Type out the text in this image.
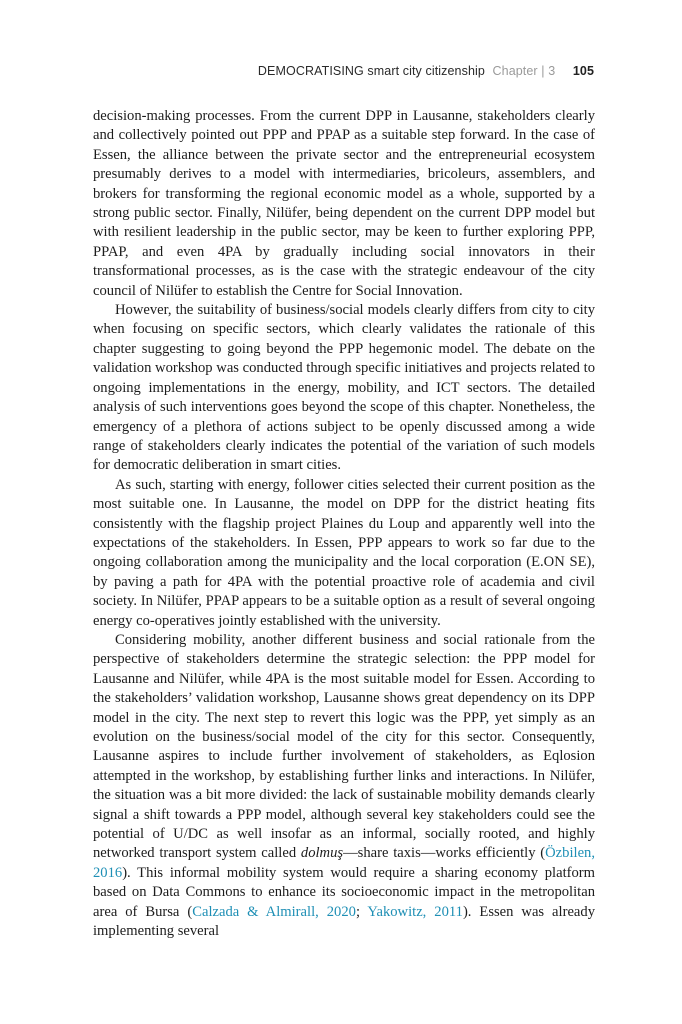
DEMOCRATISING smart city citizenship Chapter | 3 105

decision-making processes. From the current DPP in Lausanne, stakeholders clearly and collectively pointed out PPP and PPAP as a suitable step forward. In the case of Essen, the alliance between the private sector and the entrepreneurial ecosystem presumably derives to a model with intermediaries, bricoleurs, assemblers, and brokers for transforming the regional economic model as a whole, supported by a strong public sector. Finally, Nilüfer, being dependent on the current DPP model but with resilient leadership in the public sector, may be keen to further exploring PPP, PPAP, and even 4PA by gradually including social innovators in their transformational processes, as is the case with the strategic endeavour of the city council of Nilüfer to establish the Centre for Social Innovation.

However, the suitability of business/social models clearly differs from city to city when focusing on specific sectors, which clearly validates the rationale of this chapter suggesting to going beyond the PPP hegemonic model. The debate on the validation workshop was conducted through specific initiatives and projects related to ongoing implementations in the energy, mobility, and ICT sectors. The detailed analysis of such interventions goes beyond the scope of this chapter. Nonetheless, the emergency of a plethora of actions subject to be openly discussed among a wide range of stakeholders clearly indicates the potential of the variation of such models for democratic deliberation in smart cities.

As such, starting with energy, follower cities selected their current position as the most suitable one. In Lausanne, the model on DPP for the district heating fits consistently with the flagship project Plaines du Loup and apparently well into the expectations of the stakeholders. In Essen, PPP appears to work so far due to the ongoing collaboration among the municipality and the local corporation (E.ON SE), by paving a path for 4PA with the potential proactive role of academia and civil society. In Nilüfer, PPAP appears to be a suitable option as a result of several ongoing energy co-operatives jointly established with the university.

Considering mobility, another different business and social rationale from the perspective of stakeholders determine the strategic selection: the PPP model for Lausanne and Nilüfer, while 4PA is the most suitable model for Essen. According to the stakeholders’ validation workshop, Lausanne shows great dependency on its DPP model in the city. The next step to revert this logic was the PPP, yet simply as an evolution on the business/social model of the city for this sector. Consequently, Lausanne aspires to include further involvement of stakeholders, as Eqlosion attempted in the workshop, by establishing further links and interactions. In Nilüfer, the situation was a bit more divided: the lack of sustainable mobility demands clearly signal a shift towards a PPP model, although several key stakeholders could see the potential of U/DC as well insofar as an informal, socially rooted, and highly networked transport system called dolmuş—share taxis—works efficiently (Özbilen, 2016). This informal mobility system would require a sharing economy platform based on Data Commons to enhance its socioeconomic impact in the metropolitan area of Bursa (Calzada & Almirall, 2020; Yakowitz, 2011). Essen was already implementing several
